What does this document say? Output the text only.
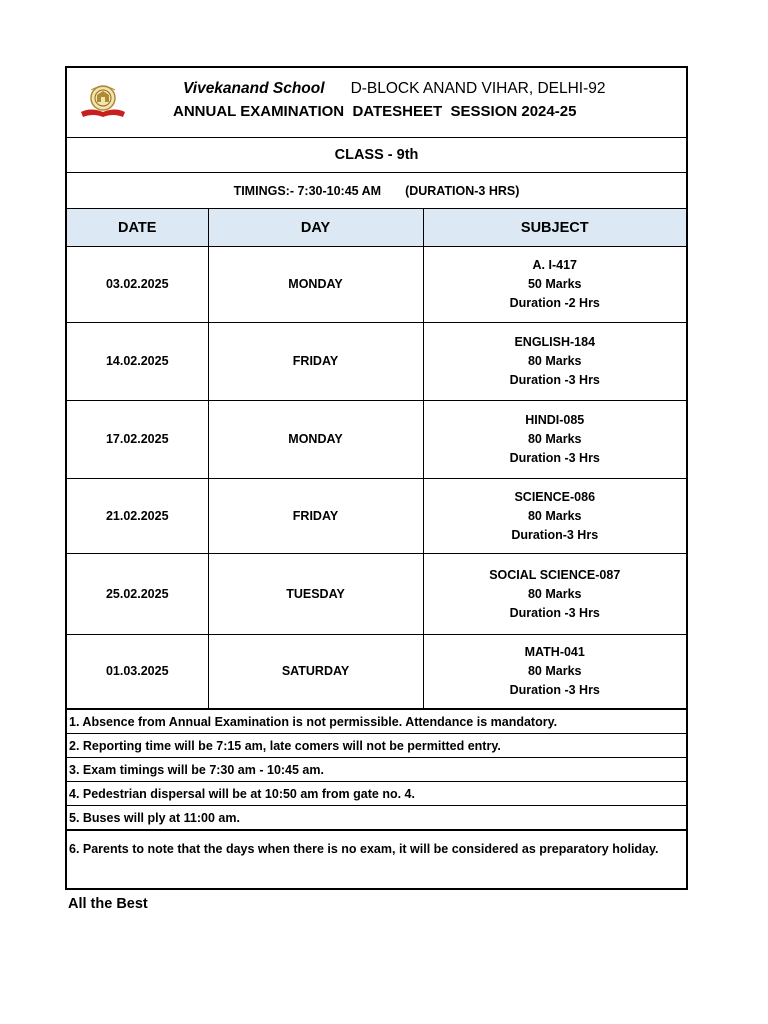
Vivekanand School D-BLOCK ANAND VIHAR, DELHI-92
ANNUAL EXAMINATION  DATESHEET  SESSION 2024-25
CLASS - 9th
TIMINGS:- 7:30-10:45 AM (DURATION-3 HRS)
DATE	DAY	SUBJECT
03.02.2025	MONDAY	A. I-417
50 Marks
Duration -2 Hrs

14.02.2025	FRIDAY	ENGLISH-184
80 Marks
Duration -3 Hrs

17.02.2025	MONDAY	HINDI-085
80 Marks
Duration -3 Hrs

21.02.2025	FRIDAY	SCIENCE-086
80 Marks
Duration-3 Hrs

25.02.2025	TUESDAY	SOCIAL SCIENCE-087
80 Marks
Duration -3 Hrs

01.03.2025	SATURDAY	MATH-041
80 Marks
Duration -3 Hrs
1. Absence from Annual Examination is not permissible. Attendance is mandatory.
2. Reporting time will be 7:15 am, late comers will not be permitted entry.
3. Exam timings will be 7:30 am - 10:45 am.
4. Pedestrian dispersal will be at 10:50 am from gate no. 4.
5. Buses will ply at 11:00 am.
6. Parents to note that the days when there is no exam, it will be considered as preparatory holiday.
All the Best
